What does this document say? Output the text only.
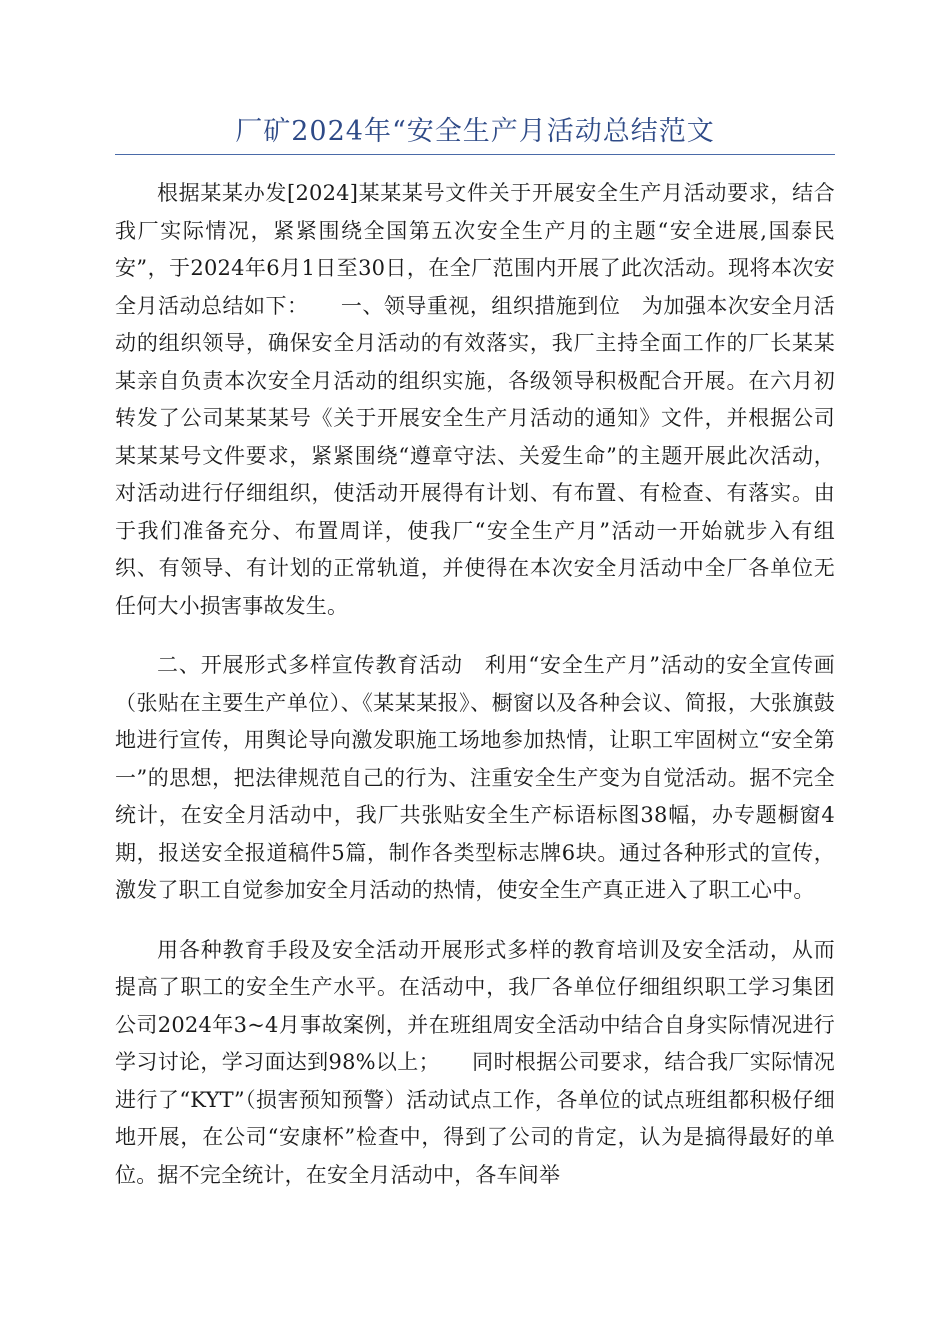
厂矿2024年“安全生产月活动总结范文

根据某某办发[2024]某某某号文件关于开展安全生产月活动要求，结合我厂实际情况，紧紧围绕全国第五次安全生产月的主题“安全进展,国泰民安”，于2024年6月1日至30日，在全厂范围内开展了此次活动。现将本次安全月活动总结如下：　　一、领导重视，组织措施到位　为加强本次安全月活动的组织领导，确保安全月活动的有效落实，我厂主持全面工作的厂长某某某亲自负责本次安全月活动的组织实施，各级领导积极配合开展。在六月初转发了公司某某某号《关于开展安全生产月活动的通知》文件，并根据公司某某某号文件要求，紧紧围绕“遵章守法、关爱生命”的主题开展此次活动，对活动进行仔细组织，使活动开展得有计划、有布置、有检查、有落实。由于我们准备充分、布置周详，使我厂“安全生产月”活动一开始就步入有组织、有领导、有计划的正常轨道，并使得在本次安全月活动中全厂各单位无任何大小损害事故发生。

二、开展形式多样宣传教育活动　利用“安全生产月”活动的安全宣传画（张贴在主要生产单位）、《某某某报》、橱窗以及各种会议、简报，大张旗鼓地进行宣传，用舆论导向激发职施工场地参加热情，让职工牢固树立“安全第一”的思想，把法律规范自己的行为、注重安全生产变为自觉活动。据不完全统计，在安全月活动中，我厂共张贴安全生产标语标图38幅，办专题橱窗4期，报送安全报道稿件5篇，制作各类型标志牌6块。通过各种形式的宣传，激发了职工自觉参加安全月活动的热情，使安全生产真正进入了职工心中。

用各种教育手段及安全活动开展形式多样的教育培训及安全活动，从而提高了职工的安全生产水平。在活动中，我厂各单位仔细组织职工学习集团公司2024年3~4月事故案例，并在班组周安全活动中结合自身实际情况进行学习讨论，学习面达到98%以上；　　同时根据公司要求，结合我厂实际情况进行了“KYT”（损害预知预警）活动试点工作，各单位的试点班组都积极仔细地开展，在公司“安康杯”检查中，得到了公司的肯定，认为是搞得最好的单位。据不完全统计，在安全月活动中，各车间举
